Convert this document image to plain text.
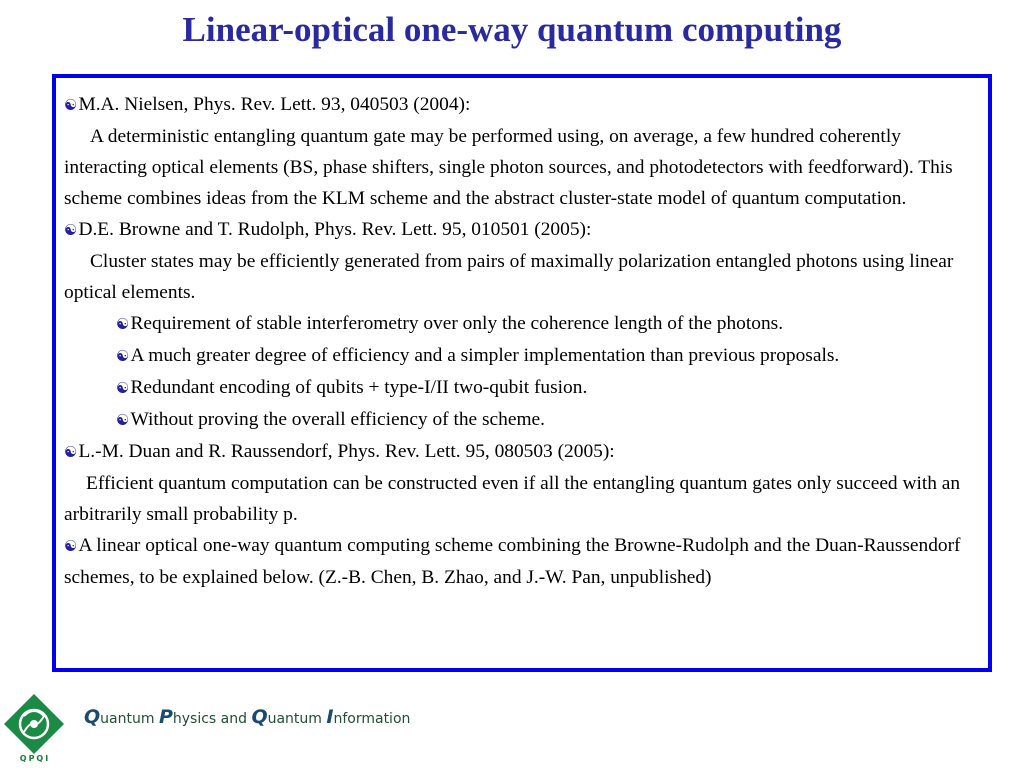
Linear-optical one-way quantum computing

☯M.A. Nielsen, Phys. Rev. Lett. 93, 040503 (2004):

A deterministic entangling quantum gate may be performed using, on average, a few hundred coherently interacting optical elements (BS, phase shifters, single photon sources, and photodetectors with feedforward). This scheme combines ideas from the KLM scheme and the abstract cluster-state model of quantum computation.

☯D.E. Browne and T. Rudolph, Phys. Rev. Lett. 95, 010501 (2005):

Cluster states may be efficiently generated from pairs of maximally polarization entangled photons using linear optical elements.

☯Requirement of stable interferometry over only the coherence length of the photons.

☯A much greater degree of efficiency and a simpler implementation than previous proposals.

☯Redundant encoding of qubits + type-I/II two-qubit fusion.

☯Without proving the overall efficiency of the scheme.

☯L.-M. Duan and R. Raussendorf, Phys. Rev. Lett. 95, 080503 (2005):

Efficient quantum computation can be constructed even if all the entangling quantum gates only succeed with an arbitrarily small probability p.

☯A linear optical one-way quantum computing scheme combining the Browne-Rudolph and the Duan-Raussendorf schemes, to be explained below. (Z.-B. Chen, B. Zhao, and J.-W. Pan, unpublished)

QPQI
Quantum Physics and Quantum Information
